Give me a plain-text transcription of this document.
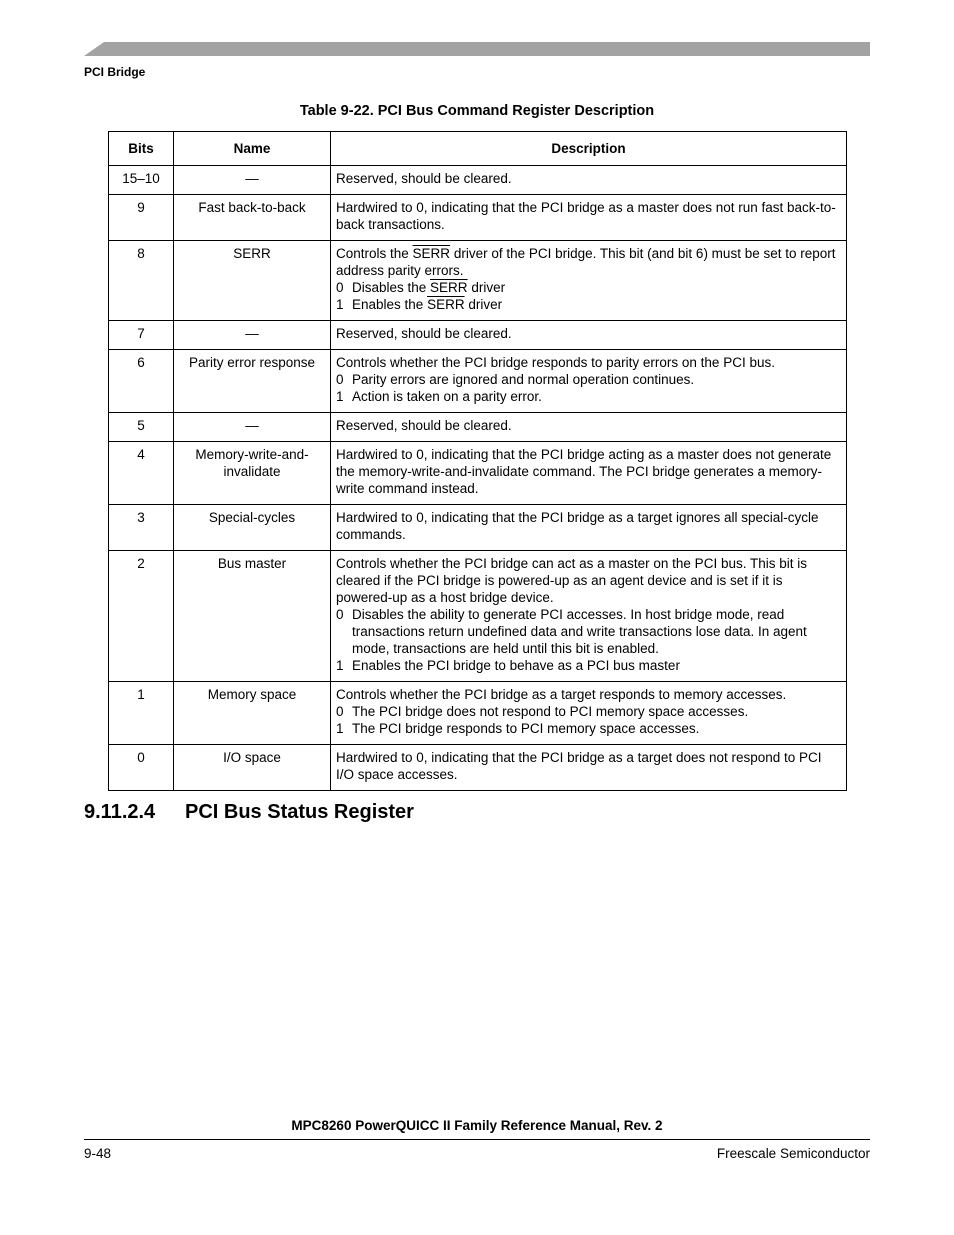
PCI Bridge
Table 9-22. PCI Bus Command Register Description
Bits	Name	Description
15–10	—	Reserved, should be cleared.
9	Fast back-to-back	Hardwired to 0, indicating that the PCI bridge as a master does not run fast back-to-back transactions.
8	SERR	Controls the SERR driver of the PCI bridge. This bit (and bit 6) must be set to report address parity errors.
0 Disables the SERR driver
1 Enables the SERR driver

7	—	Reserved, should be cleared.
6	Parity error response	Controls whether the PCI bridge responds to parity errors on the PCI bus.
0 Parity errors are ignored and normal operation continues.
1 Action is taken on a parity error.

5	—	Reserved, should be cleared.
4	Memory-write-and-invalidate	Hardwired to 0, indicating that the PCI bridge acting as a master does not generate the memory-write-and-invalidate command. The PCI bridge generates a memory-write command instead.
3	Special-cycles	Hardwired to 0, indicating that the PCI bridge as a target ignores all special-cycle commands.
2	Bus master	Controls whether the PCI bridge can act as a master on the PCI bus. This bit is cleared if the PCI bridge is powered-up as an agent device and is set if it is powered-up as a host bridge device.
0 Disables the ability to generate PCI accesses. In host bridge mode, read transactions return undefined data and write transactions lose data. In agent mode, transactions are held until this bit is enabled.
1 Enables the PCI bridge to behave as a PCI bus master

1	Memory space	Controls whether the PCI bridge as a target responds to memory accesses.
0 The PCI bridge does not respond to PCI memory space accesses.
1 The PCI bridge responds to PCI memory space accesses.

0	I/O space	Hardwired to 0, indicating that the PCI bridge as a target does not respond to PCI I/O space accesses.
9.11.2.4 PCI Bus Status Register
MPC8260 PowerQUICC II Family Reference Manual, Rev. 2
9-48	Freescale Semiconductor
